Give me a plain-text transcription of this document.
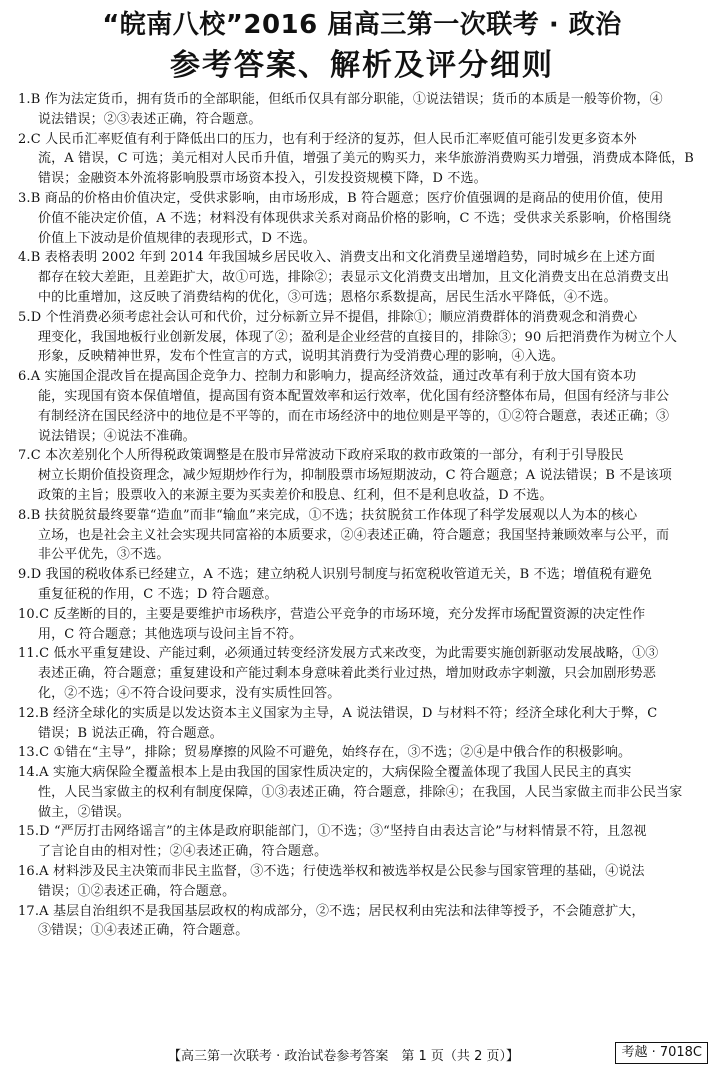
“皖南八校”2016 届高三第一次联考 · 政治
参考答案、解析及评分细则
1.B 作为法定货币，拥有货币的全部职能，但纸币仅具有部分职能，①说法错误；货币的本质是一般等价物，④
说法错误；②③表述正确，符合题意。
2.C 人民币汇率贬值有利于降低出口的压力，也有利于经济的复苏，但人民币汇率贬值可能引发更多资本外
流，A 错误，C 可选；美元相对人民币升值，增强了美元的购买力，来华旅游消费购买力增强，消费成本降低，B
错误；金融资本外流将影响股票市场资本投入，引发投资规模下降，D 不选。
3.B 商品的价格由价值决定，受供求影响，由市场形成，B 符合题意；医疗价值强调的是商品的使用价值，使用
价值不能决定价值，A 不选；材料没有体现供求关系对商品价格的影响，C 不选；受供求关系影响，价格围绕
价值上下波动是价值规律的表现形式，D 不选。
4.B 表格表明 2002 年到 2014 年我国城乡居民收入、消费支出和文化消费呈递增趋势，同时城乡在上述方面
都存在较大差距，且差距扩大，故①可选，排除②；表显示文化消费支出增加，且文化消费支出在总消费支出
中的比重增加，这反映了消费结构的优化，③可选；恩格尔系数提高，居民生活水平降低，④不选。
5.D 个性消费必须考虑社会认可和代价，过分标新立异不提倡，排除①；顺应消费群体的消费观念和消费心
理变化，我国地板行业创新发展，体现了②；盈利是企业经营的直接目的，排除③；90 后把消费作为树立个人
形象，反映精神世界，发布个性宣言的方式，说明其消费行为受消费心理的影响，④入选。
6.A 实施国企混改旨在提高国企竞争力、控制力和影响力，提高经济效益，通过改革有利于放大国有资本功
能，实现国有资本保值增值，提高国有资本配置效率和运行效率，优化国有经济整体布局，但国有经济与非公
有制经济在国民经济中的地位是不平等的，而在市场经济中的地位则是平等的，①②符合题意，表述正确；③
说法错误；④说法不准确。
7.C 本次差别化个人所得税政策调整是在股市异常波动下政府采取的救市政策的一部分，有利于引导股民
树立长期价值投资理念，减少短期炒作行为，抑制股票市场短期波动，C 符合题意；A 说法错误；B 不是该项
政策的主旨；股票收入的来源主要为买卖差价和股息、红利，但不是利息收益，D 不选。
8.B 扶贫脱贫最终要靠“造血”而非“输血”来完成，①不选；扶贫脱贫工作体现了科学发展观以人为本的核心
立场，也是社会主义社会实现共同富裕的本质要求，②④表述正确，符合题意；我国坚持兼顾效率与公平，而
非公平优先，③不选。
9.D 我国的税收体系已经建立，A 不选；建立纳税人识别号制度与拓宽税收管道无关，B 不选；增值税有避免
重复征税的作用，C 不选；D 符合题意。
10.C 反垄断的目的，主要是要维护市场秩序，营造公平竞争的市场环境，充分发挥市场配置资源的决定性作
用，C 符合题意；其他选项与设问主旨不符。
11.C 低水平重复建设、产能过剩，必须通过转变经济发展方式来改变，为此需要实施创新驱动发展战略，①③
表述正确，符合题意；重复建设和产能过剩本身意味着此类行业过热，增加财政赤字刺激，只会加剧形势恶
化，②不选；④不符合设问要求，没有实质性回答。
12.B 经济全球化的实质是以发达资本主义国家为主导，A 说法错误，D 与材料不符；经济全球化利大于弊，C
错误；B 说法正确，符合题意。
13.C ①错在“主导”，排除；贸易摩擦的风险不可避免，始终存在，③不选；②④是中俄合作的积极影响。
14.A 实施大病保险全覆盖根本上是由我国的国家性质决定的，大病保险全覆盖体现了我国人民民主的真实
性，人民当家做主的权利有制度保障，①③表述正确，符合题意，排除④；在我国，人民当家做主而非公民当家
做主，②错误。
15.D “严厉打击网络谣言”的主体是政府职能部门，①不选；③“坚持自由表达言论”与材料情景不符，且忽视
了言论自由的相对性；②④表述正确，符合题意。
16.A 材料涉及民主决策而非民主监督，③不选；行使选举权和被选举权是公民参与国家管理的基础，④说法
错误；①②表述正确，符合题意。
17.A 基层自治组织不是我国基层政权的构成部分，②不选；居民权利由宪法和法律等授予，不会随意扩大，
③错误；①④表述正确，符合题意。
【高三第一次联考 · 政治试卷参考答案　第 1 页（共 2 页）】	考越 · 7018C
